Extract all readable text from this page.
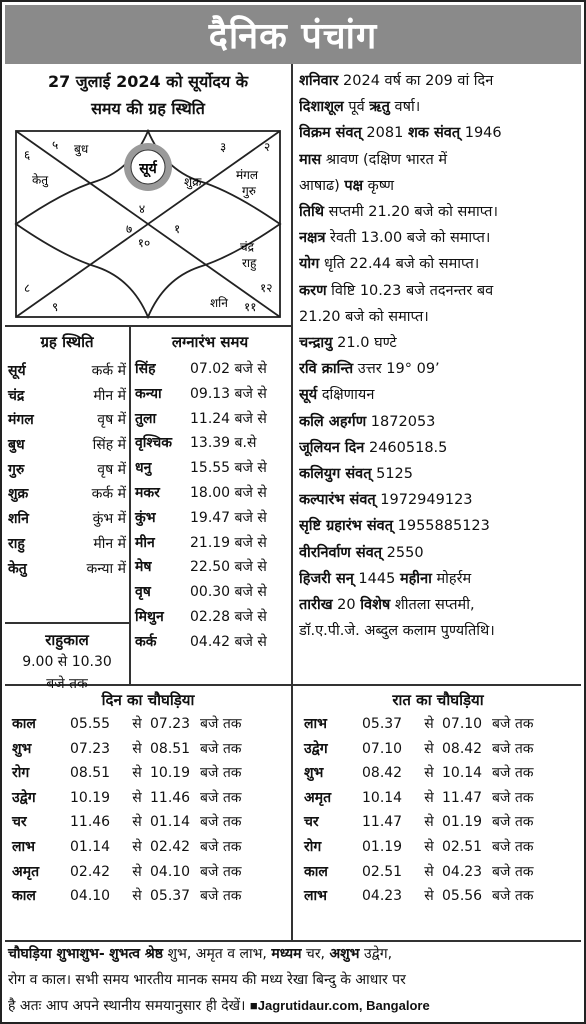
दैनिक पंचांग
27 जुलाई 2024 को सूर्योदय के
समय की ग्रह स्थिति
सूर्य
४
३	२
१
१२
११
१०
९
८
७
६
५ बुध
केतु	शुक्र	मंगल
गुरु
चंद्र
राहु
शनि
शनिवार 2024 वर्ष का 209 वां दिन
दिशाशूल पूर्व ऋतु वर्षा।
विक्रम संवत् 2081 शक संवत् 1946
मास श्रावण (दक्षिण भारत में
आषाढ) पक्ष कृष्ण
तिथि सप्तमी 21.20 बजे को समाप्त।
नक्षत्र रेवती 13.00 बजे को समाप्त।
योग धृति 22.44 बजे को समाप्त।
करण विष्टि 10.23 बजे तदनन्तर बव
21.20 बजे को समाप्त।
चन्द्रायु 21.0 घण्टे
रवि क्रान्ति उत्तर 19° 09’
सूर्य दक्षिणायन
कलि अहर्गण 1872053
जूलियन दिन 2460518.5
कलियुग संवत् 5125
कल्पारंभ संवत् 1972949123
सृष्टि ग्रहारंभ संवत् 1955885123
वीरनिर्वाण संवत् 2550
हिजरी सन् 1445 महीना मोहर्रम
तारीख 20 विशेष शीतला सप्तमी,
डॉ.ए.पी.जे. अब्दुल कलाम पुण्यतिथि।
ग्रह स्थिति
सूर्य	कर्क में
चंद्र	मीन में
मंगल	वृष में
बुध	सिंह में
गुरु	वृष में
शुक्र	कर्क में
शनि	कुंभ में
राहु	मीन में
केतु	कन्या में
लग्नारंभ समय
सिंह	07.02 बजे से
कन्या	09.13 बजे से
तुला	11.24 बजे से
वृश्चिक	13.39 ब.से
धनु	15.55 बजे से
मकर	18.00 बजे से
कुंभ	19.47 बजे से
मीन	21.19 बजे से
मेष	22.50 बजे से
वृष	00.30 बजे से
मिथुन	02.28 बजे से
कर्क	04.42 बजे से
राहुकाल
9.00 से 10.30
बजे तक
दिन का चौघड़िया
काल	05.55	से 07.23 बजे तक
शुभ	07.23	से 08.51 बजे तक
रोग	08.51	से 10.19 बजे तक
उद्वेग	10.19	से 11.46 बजे तक
चर	11.46	से 01.14 बजे तक
लाभ	01.14	से 02.42 बजे तक
अमृत	02.42	से 04.10 बजे तक
काल	04.10	से 05.37 बजे तक
रात का चौघड़िया
लाभ	05.37	से 07.10 बजे तक
उद्वेग	07.10	से 08.42 बजे तक
शुभ	08.42	से 10.14 बजे तक
अमृत	10.14	से 11.47 बजे तक
चर	11.47	से 01.19 बजे तक
रोग	01.19	से 02.51 बजे तक
काल	02.51	से 04.23 बजे तक
लाभ	04.23	से 05.56 बजे तक
चौघड़िया शुभाशुभ- शुभत्व श्रेष्ठ शुभ, अमृत व लाभ, मध्यम चर, अशुभ उद्वेग,
रोग व काल। सभी समय भारतीय मानक समय की मध्य रेखा बिन्दु के आधार पर
है अतः आप अपने स्थानीय समयानुसार ही देखें। ■Jagrutidaur.com, Bangalore
